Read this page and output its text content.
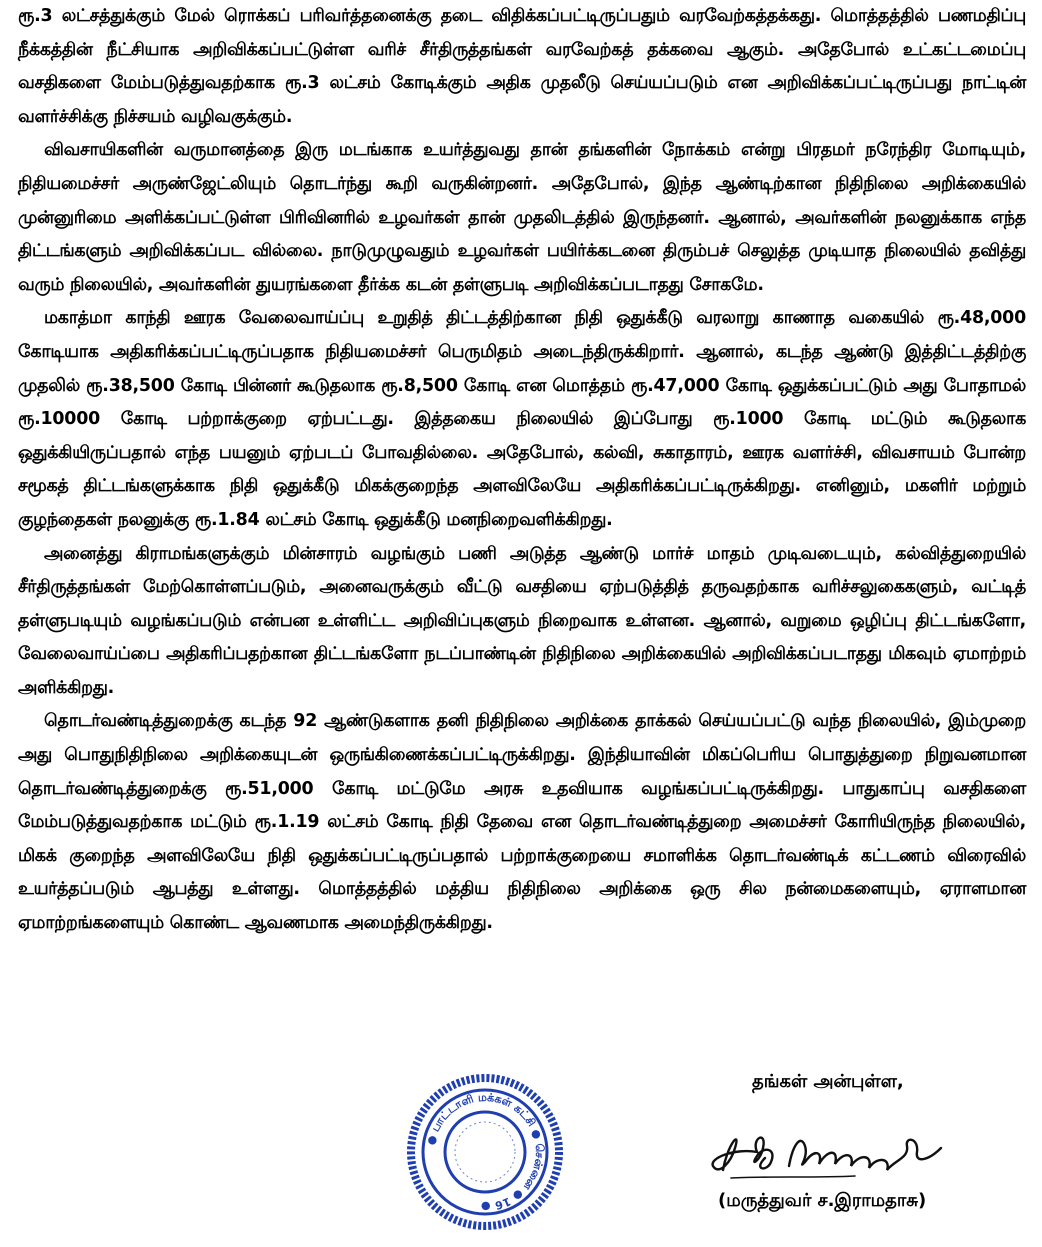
ரூ.3 லட்சத்துக்கும் மேல் ரொக்கப் பரிவர்த்தனைக்கு தடை விதிக்கப்பட்டிருப்பதும் வரவேற்கத்தக்கது. மொத்தத்தில் பணமதிப்பு நீக்கத்தின் நீட்சியாக அறிவிக்கப்பட்டுள்ள வரிச் சீர்திருத்தங்கள் வரவேற்கத் தக்கவை ஆகும். அதேபோல் உட்கட்டமைப்பு வசதிகளை மேம்படுத்துவதற்காக ரூ.3 லட்சம் கோடிக்கும் அதிக முதலீடு செய்யப்படும் என அறிவிக்கப்பட்டிருப்பது நாட்டின் வளர்ச்சிக்கு நிச்சயம் வழிவகுக்கும்.

விவசாயிகளின் வருமானத்தை இரு மடங்காக உயர்த்துவது தான் தங்களின் நோக்கம் என்று பிரதமர் நரேந்திர மோடியும், நிதியமைச்சர் அருண்ஜேட்லியும் தொடர்ந்து கூறி வருகின்றனர். அதேபோல், இந்த ஆண்டிற்கான நிதிநிலை அறிக்கையில் முன்னுரிமை அளிக்கப்பட்டுள்ள பிரிவினரில் உழவர்கள் தான் முதலிடத்தில் இருந்தனர். ஆனால், அவர்களின் நலனுக்காக எந்த திட்டங்களும் அறிவிக்கப்பட வில்லை. நாடுமுழுவதும் உழவர்கள் பயிர்க்கடனை திரும்பச் செலுத்த முடியாத நிலையில் தவித்து வரும் நிலையில், அவர்களின் துயரங்களை தீர்க்க கடன் தள்ளுபடி அறிவிக்கப்படாதது சோகமே.

மகாத்மா காந்தி ஊரக வேலைவாய்ப்பு உறுதித் திட்டத்திற்கான நிதி ஒதுக்கீடு வரலாறு காணாத வகையில் ரூ.48,000 கோடியாக அதிகரிக்கப்பட்டிருப்பதாக நிதியமைச்சர் பெருமிதம் அடைந்திருக்கிறார். ஆனால், கடந்த ஆண்டு இத்திட்டத்திற்கு முதலில் ரூ.38,500 கோடி பின்னர் கூடுதலாக ரூ.8,500 கோடி என மொத்தம் ரூ.47,000 கோடி ஒதுக்கப்பட்டும் அது போதாமல் ரூ.10000 கோடி பற்றாக்குறை ஏற்பட்டது. இத்தகைய நிலையில் இப்போது ரூ.1000 கோடி மட்டும் கூடுதலாக ஒதுக்கியிருப்பதால் எந்த பயனும் ஏற்படப் போவதில்லை. அதேபோல், கல்வி, சுகாதாரம், ஊரக வளர்ச்சி, விவசாயம் போன்ற சமூகத் திட்டங்களுக்காக நிதி ஒதுக்கீடு மிகக்குறைந்த அளவிலேயே அதிகரிக்கப்பட்டிருக்கிறது. எனினும், மகளிர் மற்றும் குழந்தைகள் நலனுக்கு ரூ.1.84 லட்சம் கோடி ஒதுக்கீடு மனநிறைவளிக்கிறது.

அனைத்து கிராமங்களுக்கும் மின்சாரம் வழங்கும் பணி அடுத்த ஆண்டு மார்ச் மாதம் முடிவடையும், கல்வித்துறையில் சீர்திருத்தங்கள் மேற்கொள்ளப்படும், அனைவருக்கும் வீட்டு வசதியை ஏற்படுத்தித் தருவதற்காக வரிச்சலுகைகளும், வட்டித் தள்ளுபடியும் வழங்கப்படும் என்பன உள்ளிட்ட அறிவிப்புகளும் நிறைவாக உள்ளன. ஆனால், வறுமை ஒழிப்பு திட்டங்களோ, வேலைவாய்ப்பை அதிகரிப்பதற்கான திட்டங்களோ நடப்பாண்டின் நிதிநிலை அறிக்கையில் அறிவிக்கப்படாதது மிகவும் ஏமாற்றம் அளிக்கிறது.

தொடர்வண்டித்துறைக்கு கடந்த 92 ஆண்டுகளாக தனி நிதிநிலை அறிக்கை தாக்கல் செய்யப்பட்டு வந்த நிலையில், இம்முறை அது பொதுநிதிநிலை அறிக்கையுடன் ஒருங்கிணைக்கப்பட்டிருக்கிறது. இந்தியாவின் மிகப்பெரிய பொதுத்துறை நிறுவனமான தொடர்வண்டித்துறைக்கு ரூ.51,000 கோடி மட்டுமே அரசு உதவியாக வழங்கப்பட்டிருக்கிறது. பாதுகாப்பு வசதிகளை மேம்படுத்துவதற்காக மட்டும் ரூ.1.19 லட்சம் கோடி நிதி தேவை என தொடர்வண்டித்துறை அமைச்சர் கோரியிருந்த நிலையில், மிகக் குறைந்த அளவிலேயே நிதி ஒதுக்கப்பட்டிருப்பதால் பற்றாக்குறையை சமாளிக்க தொடர்வண்டிக் கட்டணம் விரைவில் உயர்த்தப்படும் ஆபத்து உள்ளது. மொத்தத்தில் மத்திய நிதிநிலை அறிக்கை ஒரு சில நன்மைகளையும், ஏராளமான ஏமாற்றங்களையும் கொண்ட ஆவணமாக அமைந்திருக்கிறது.

● பாட்டாளி மக்கள் கட்சி ● சென்னை ● 16 ●
தங்கள் அன்புள்ள,
(மருத்துவர் ச.இராமதாசு)
